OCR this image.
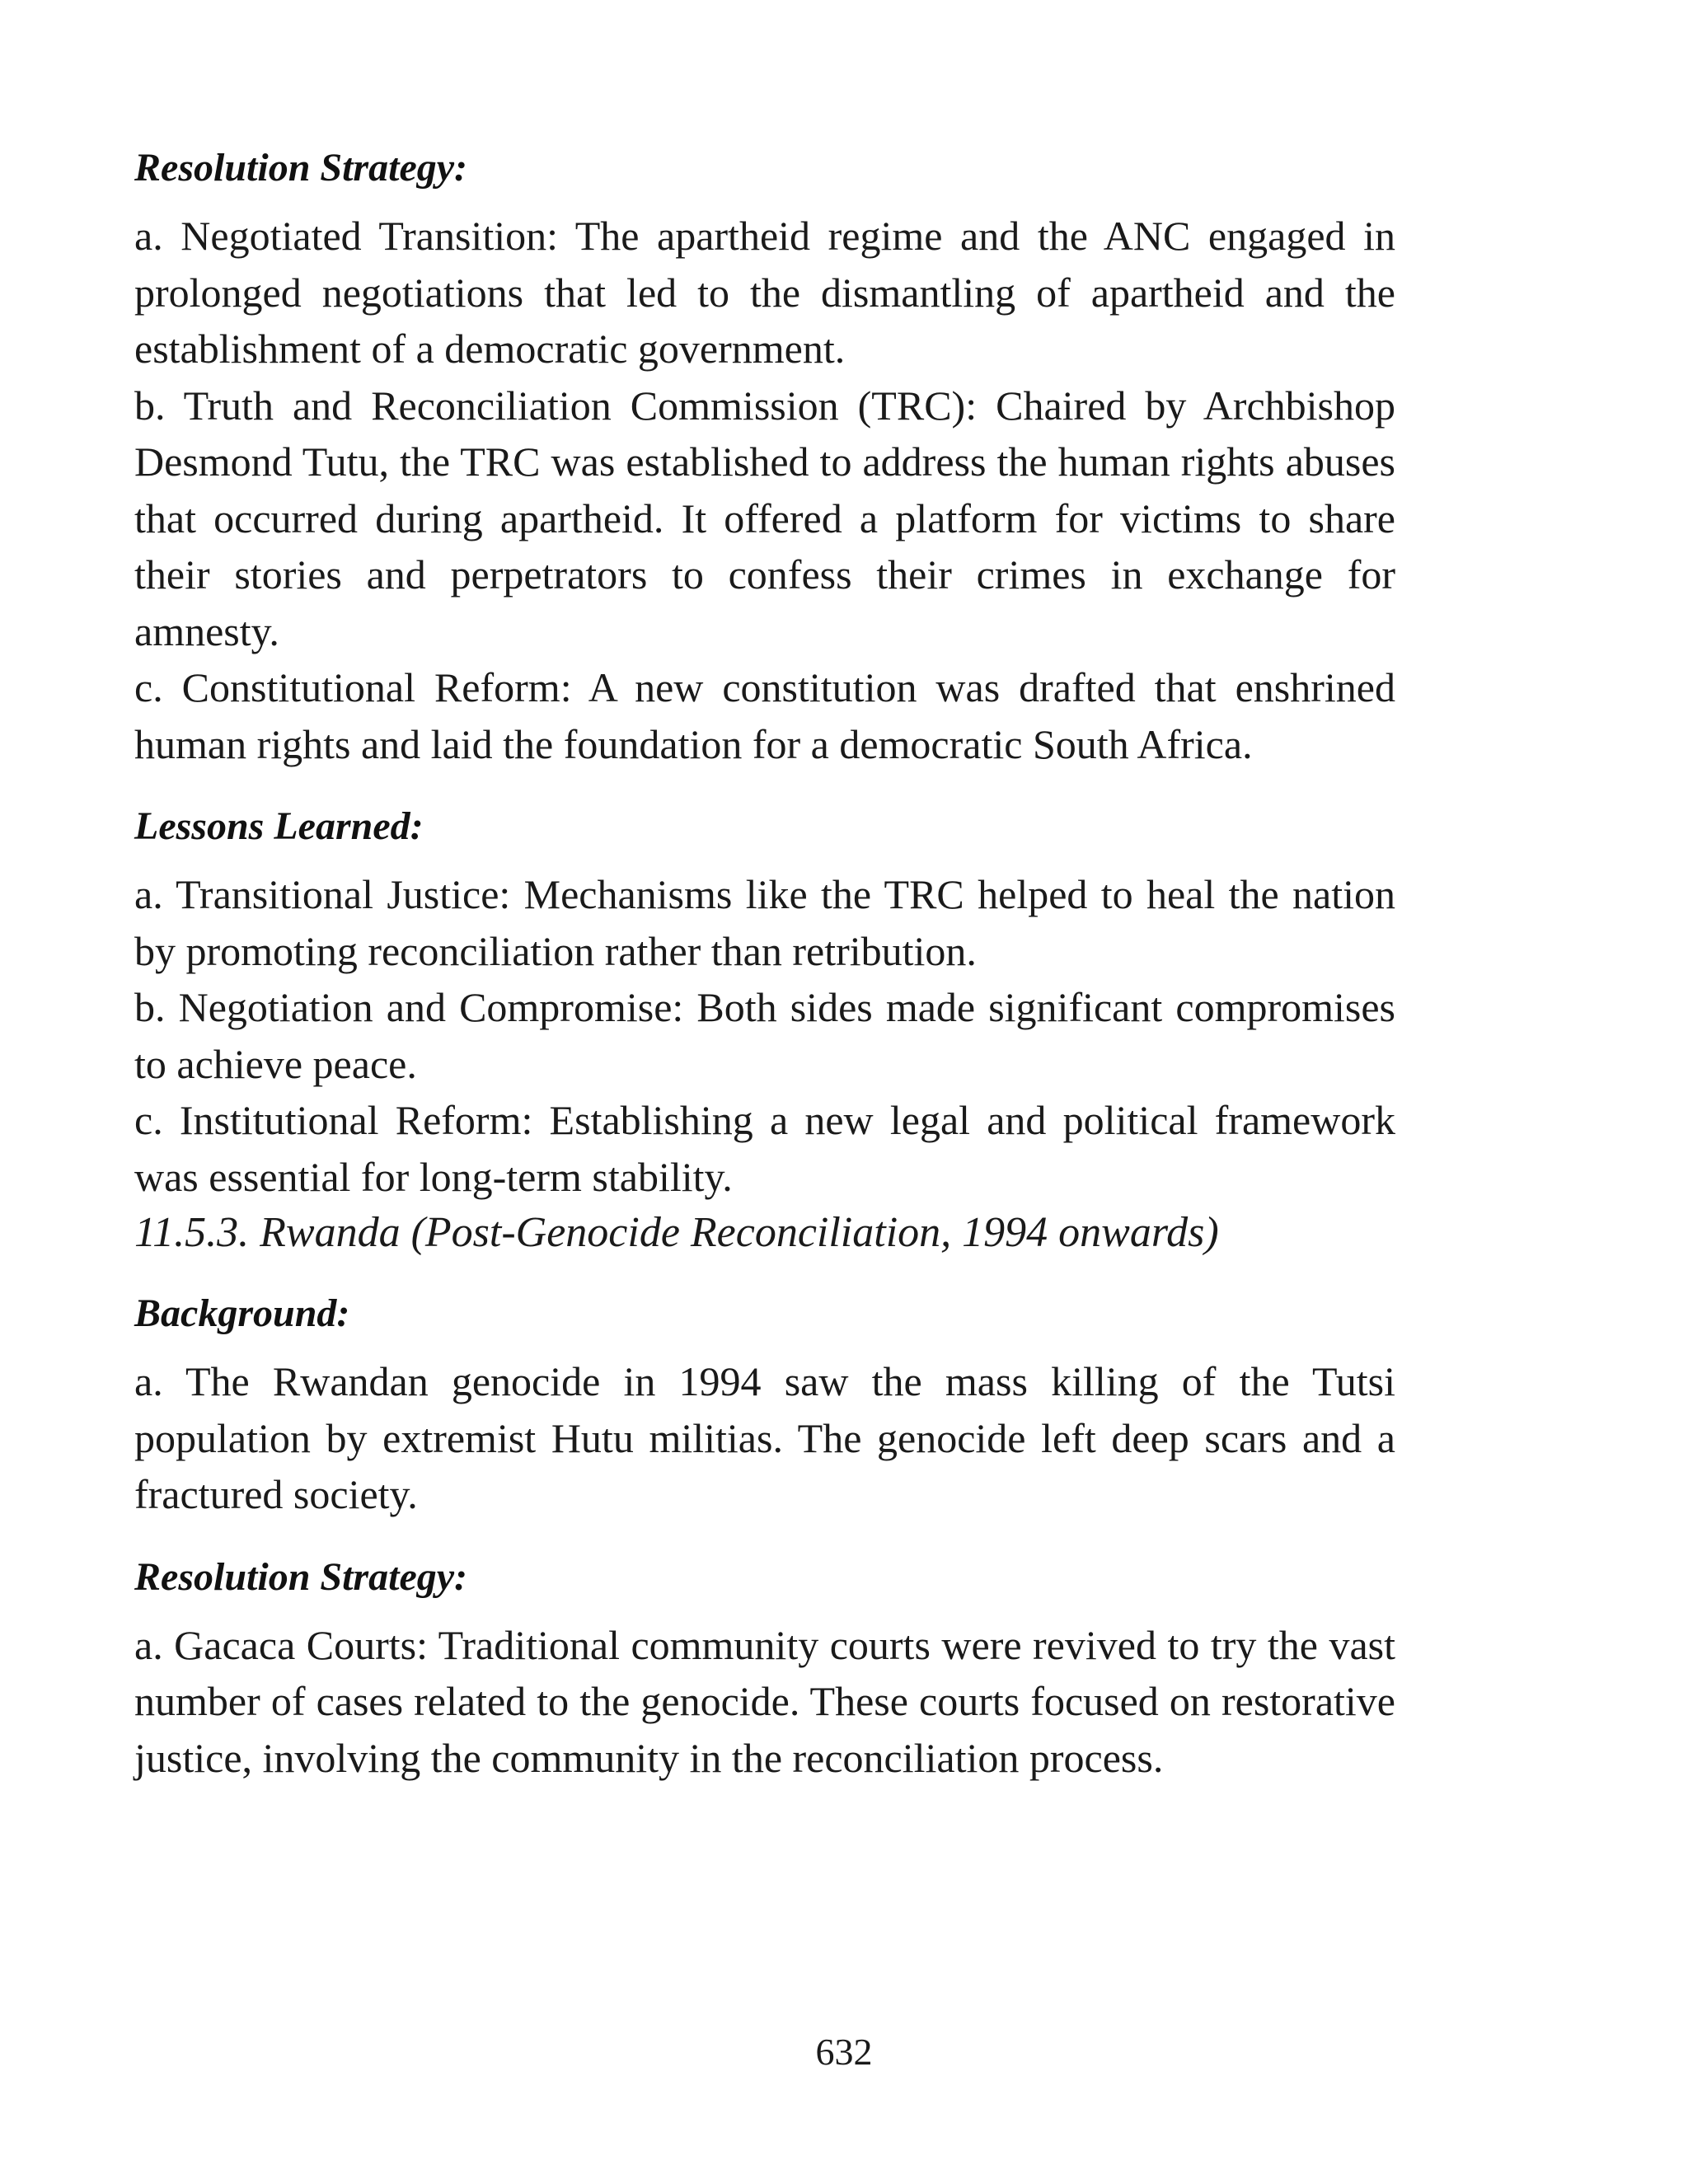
Resolution Strategy:

a. Negotiated Transition: The apartheid regime and the ANC engaged in prolonged negotiations that led to the dismantling of apartheid and the establishment of a democratic government.

b. Truth and Reconciliation Commission (TRC): Chaired by Archbishop Desmond Tutu, the TRC was established to address the human rights abuses that occurred during apartheid. It offered a platform for victims to share their stories and perpetrators to confess their crimes in exchange for amnesty.

c. Constitutional Reform: A new constitution was drafted that enshrined human rights and laid the foundation for a democratic South Africa.

Lessons Learned:

a. Transitional Justice: Mechanisms like the TRC helped to heal the nation by promoting reconciliation rather than retribution.

b. Negotiation and Compromise: Both sides made significant compromises to achieve peace.

c. Institutional Reform: Establishing a new legal and political framework was essential for long-term stability.

11.5.3. Rwanda (Post-Genocide Reconciliation, 1994 onwards)
Background:

a. The Rwandan genocide in 1994 saw the mass killing of the Tutsi population by extremist Hutu militias. The genocide left deep scars and a fractured society.

Resolution Strategy:

a. Gacaca Courts: Traditional community courts were revived to try the vast number of cases related to the genocide. These courts focused on restorative justice, involving the community in the reconciliation process.

632
